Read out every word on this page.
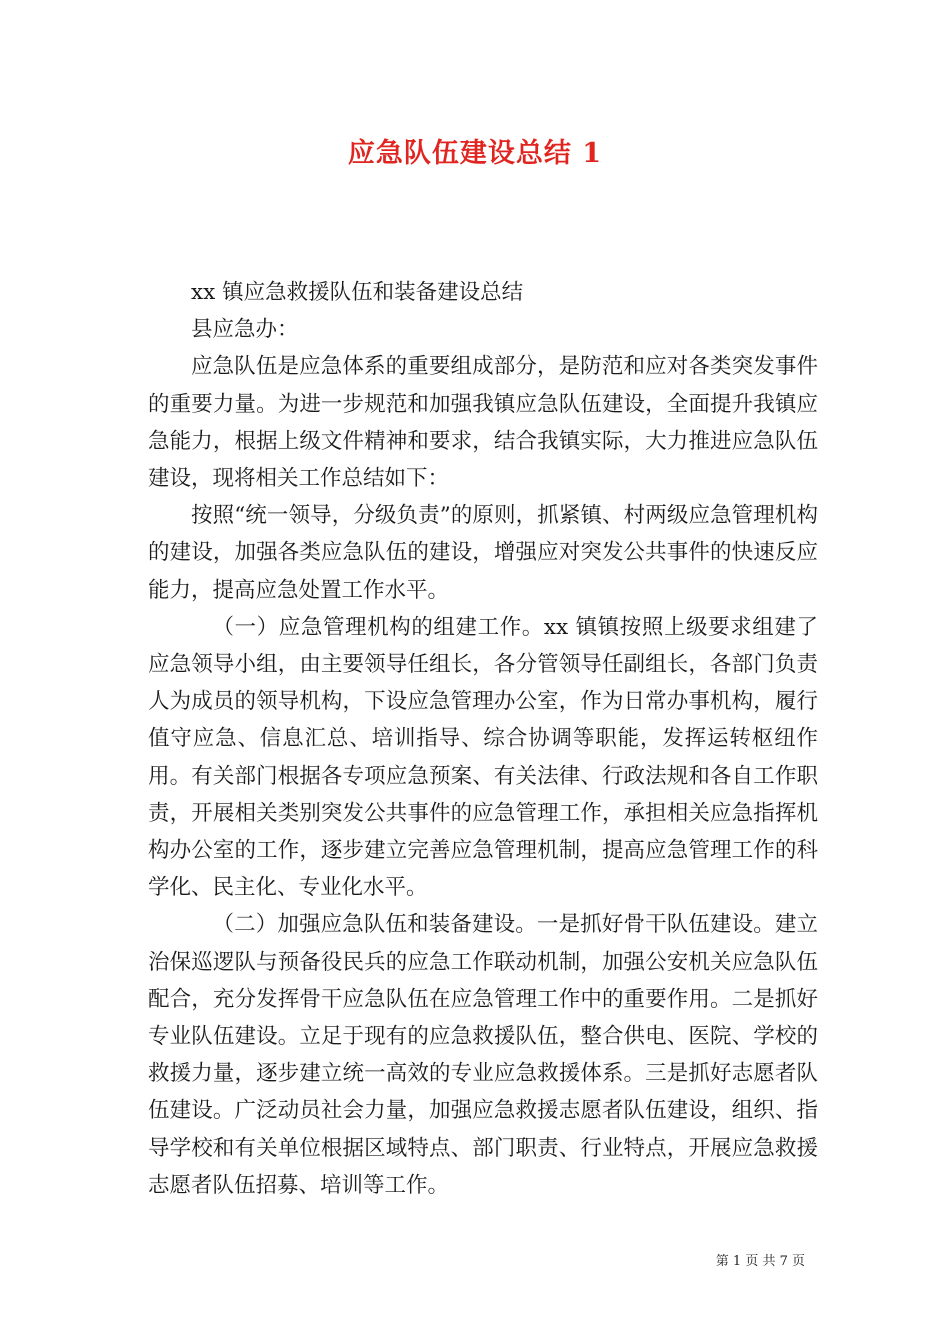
应急队伍建设总结 1

xx 镇应急救援队伍和装备建设总结

县应急办：

应急队伍是应急体系的重要组成部分，是防范和应对各类突发事件的重要力量。为进一步规范和加强我镇应急队伍建设，全面提升我镇应急能力，根据上级文件精神和要求，结合我镇实际，大力推进应急队伍建设，现将相关工作总结如下：

按照“统一领导，分级负责”的原则，抓紧镇、村两级应急管理机构的建设，加强各类应急队伍的建设，增强应对突发公共事件的快速反应能力，提高应急处置工作水平。

（一）应急管理机构的组建工作。xx 镇镇按照上级要求组建了应急领导小组，由主要领导任组长，各分管领导任副组长，各部门负责人为成员的领导机构，下设应急管理办公室，作为日常办事机构，履行值守应急、信息汇总、培训指导、综合协调等职能，发挥运转枢纽作用。有关部门根据各专项应急预案、有关法律、行政法规和各自工作职责，开展相关类别突发公共事件的应急管理工作，承担相关应急指挥机构办公室的工作，逐步建立完善应急管理机制，提高应急管理工作的科学化、民主化、专业化水平。

（二）加强应急队伍和装备建设。一是抓好骨干队伍建设。建立治保巡逻队与预备役民兵的应急工作联动机制，加强公安机关应急队伍配合，充分发挥骨干应急队伍在应急管理工作中的重要作用。二是抓好专业队伍建设。立足于现有的应急救援队伍，整合供电、医院、学校的救援力量，逐步建立统一高效的专业应急救援体系。三是抓好志愿者队伍建设。广泛动员社会力量，加强应急救援志愿者队伍建设，组织、指导学校和有关单位根据区域特点、部门职责、行业特点，开展应急救援志愿者队伍招募、培训等工作。

第 1 页 共 7 页
